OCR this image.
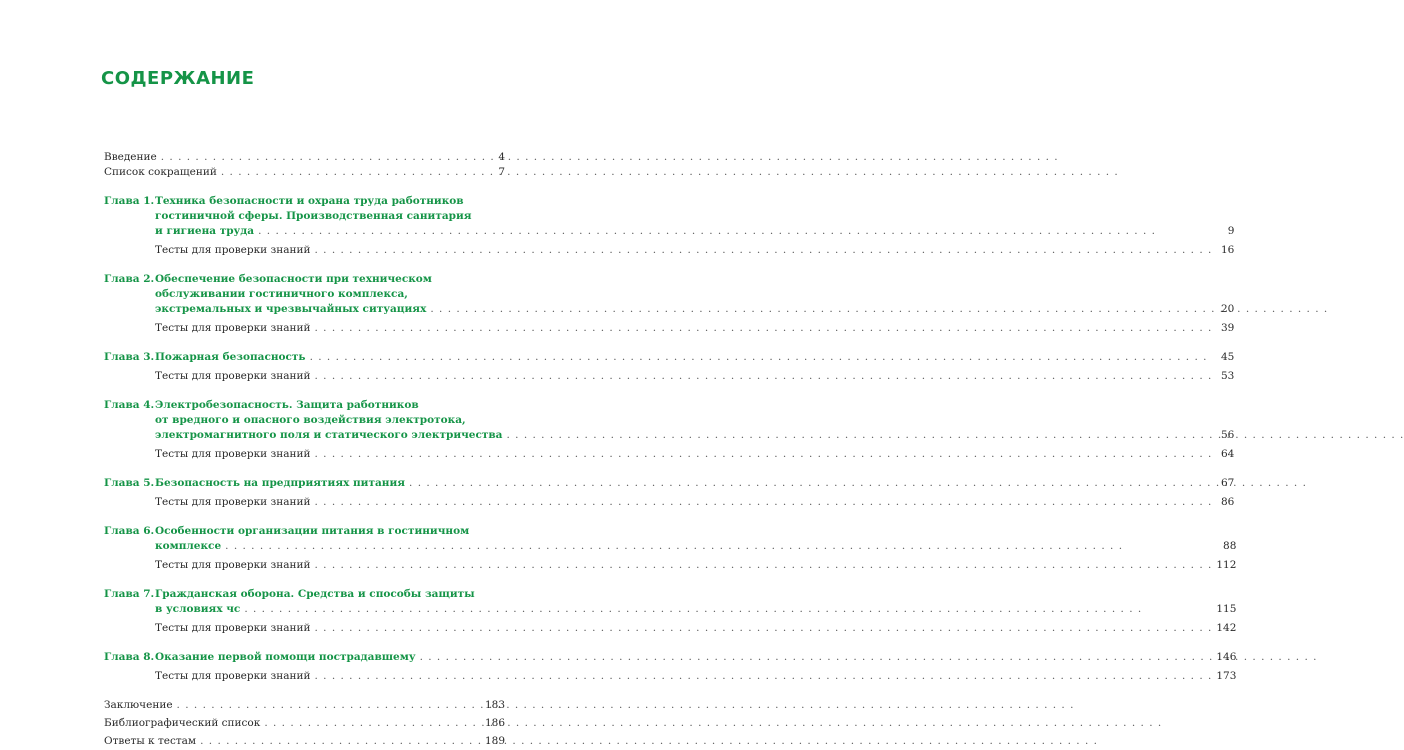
СОДЕРЖАНИЕ
Введение . . .	4
Список сокращений . . .	7
Глава 1. Техника безопасности и охрана труда работников
гостиничной сферы. Производственная санитария
и гигиена труда . . .	9
Тесты для проверки знаний . . .	16
Глава 2. Обеспечение безопасности при техническом
обслуживании гостиничного комплекса,
экстремальных и чрезвычайных ситуациях . . .	20
Тесты для проверки знаний . . .	39
Глава 3. Пожарная безопасность . . .	45
Тесты для проверки знаний . . .	53
Глава 4. Электробезопасность. Защита работников
от вредного и опасного воздействия электротока,
электромагнитного поля и статического электричества . . .	56
Тесты для проверки знаний . . .	64
Глава 5. Безопасность на предприятиях питания . . .	67
Тесты для проверки знаний . . .	86
Глава 6. Особенности организации питания в гостиничном
комплексе . . .	88
Тесты для проверки знаний . . .	112
Глава 7. Гражданская оборона. Средства и способы защиты
в условиях чс . . .	115
Тесты для проверки знаний . . .	142
Глава 8. Оказание первой помощи пострадавшему . . .	146
Тесты для проверки знаний . . .	173
Заключение . . .	183
Библиографический список . . .	186
Ответы к тестам . . .	189
